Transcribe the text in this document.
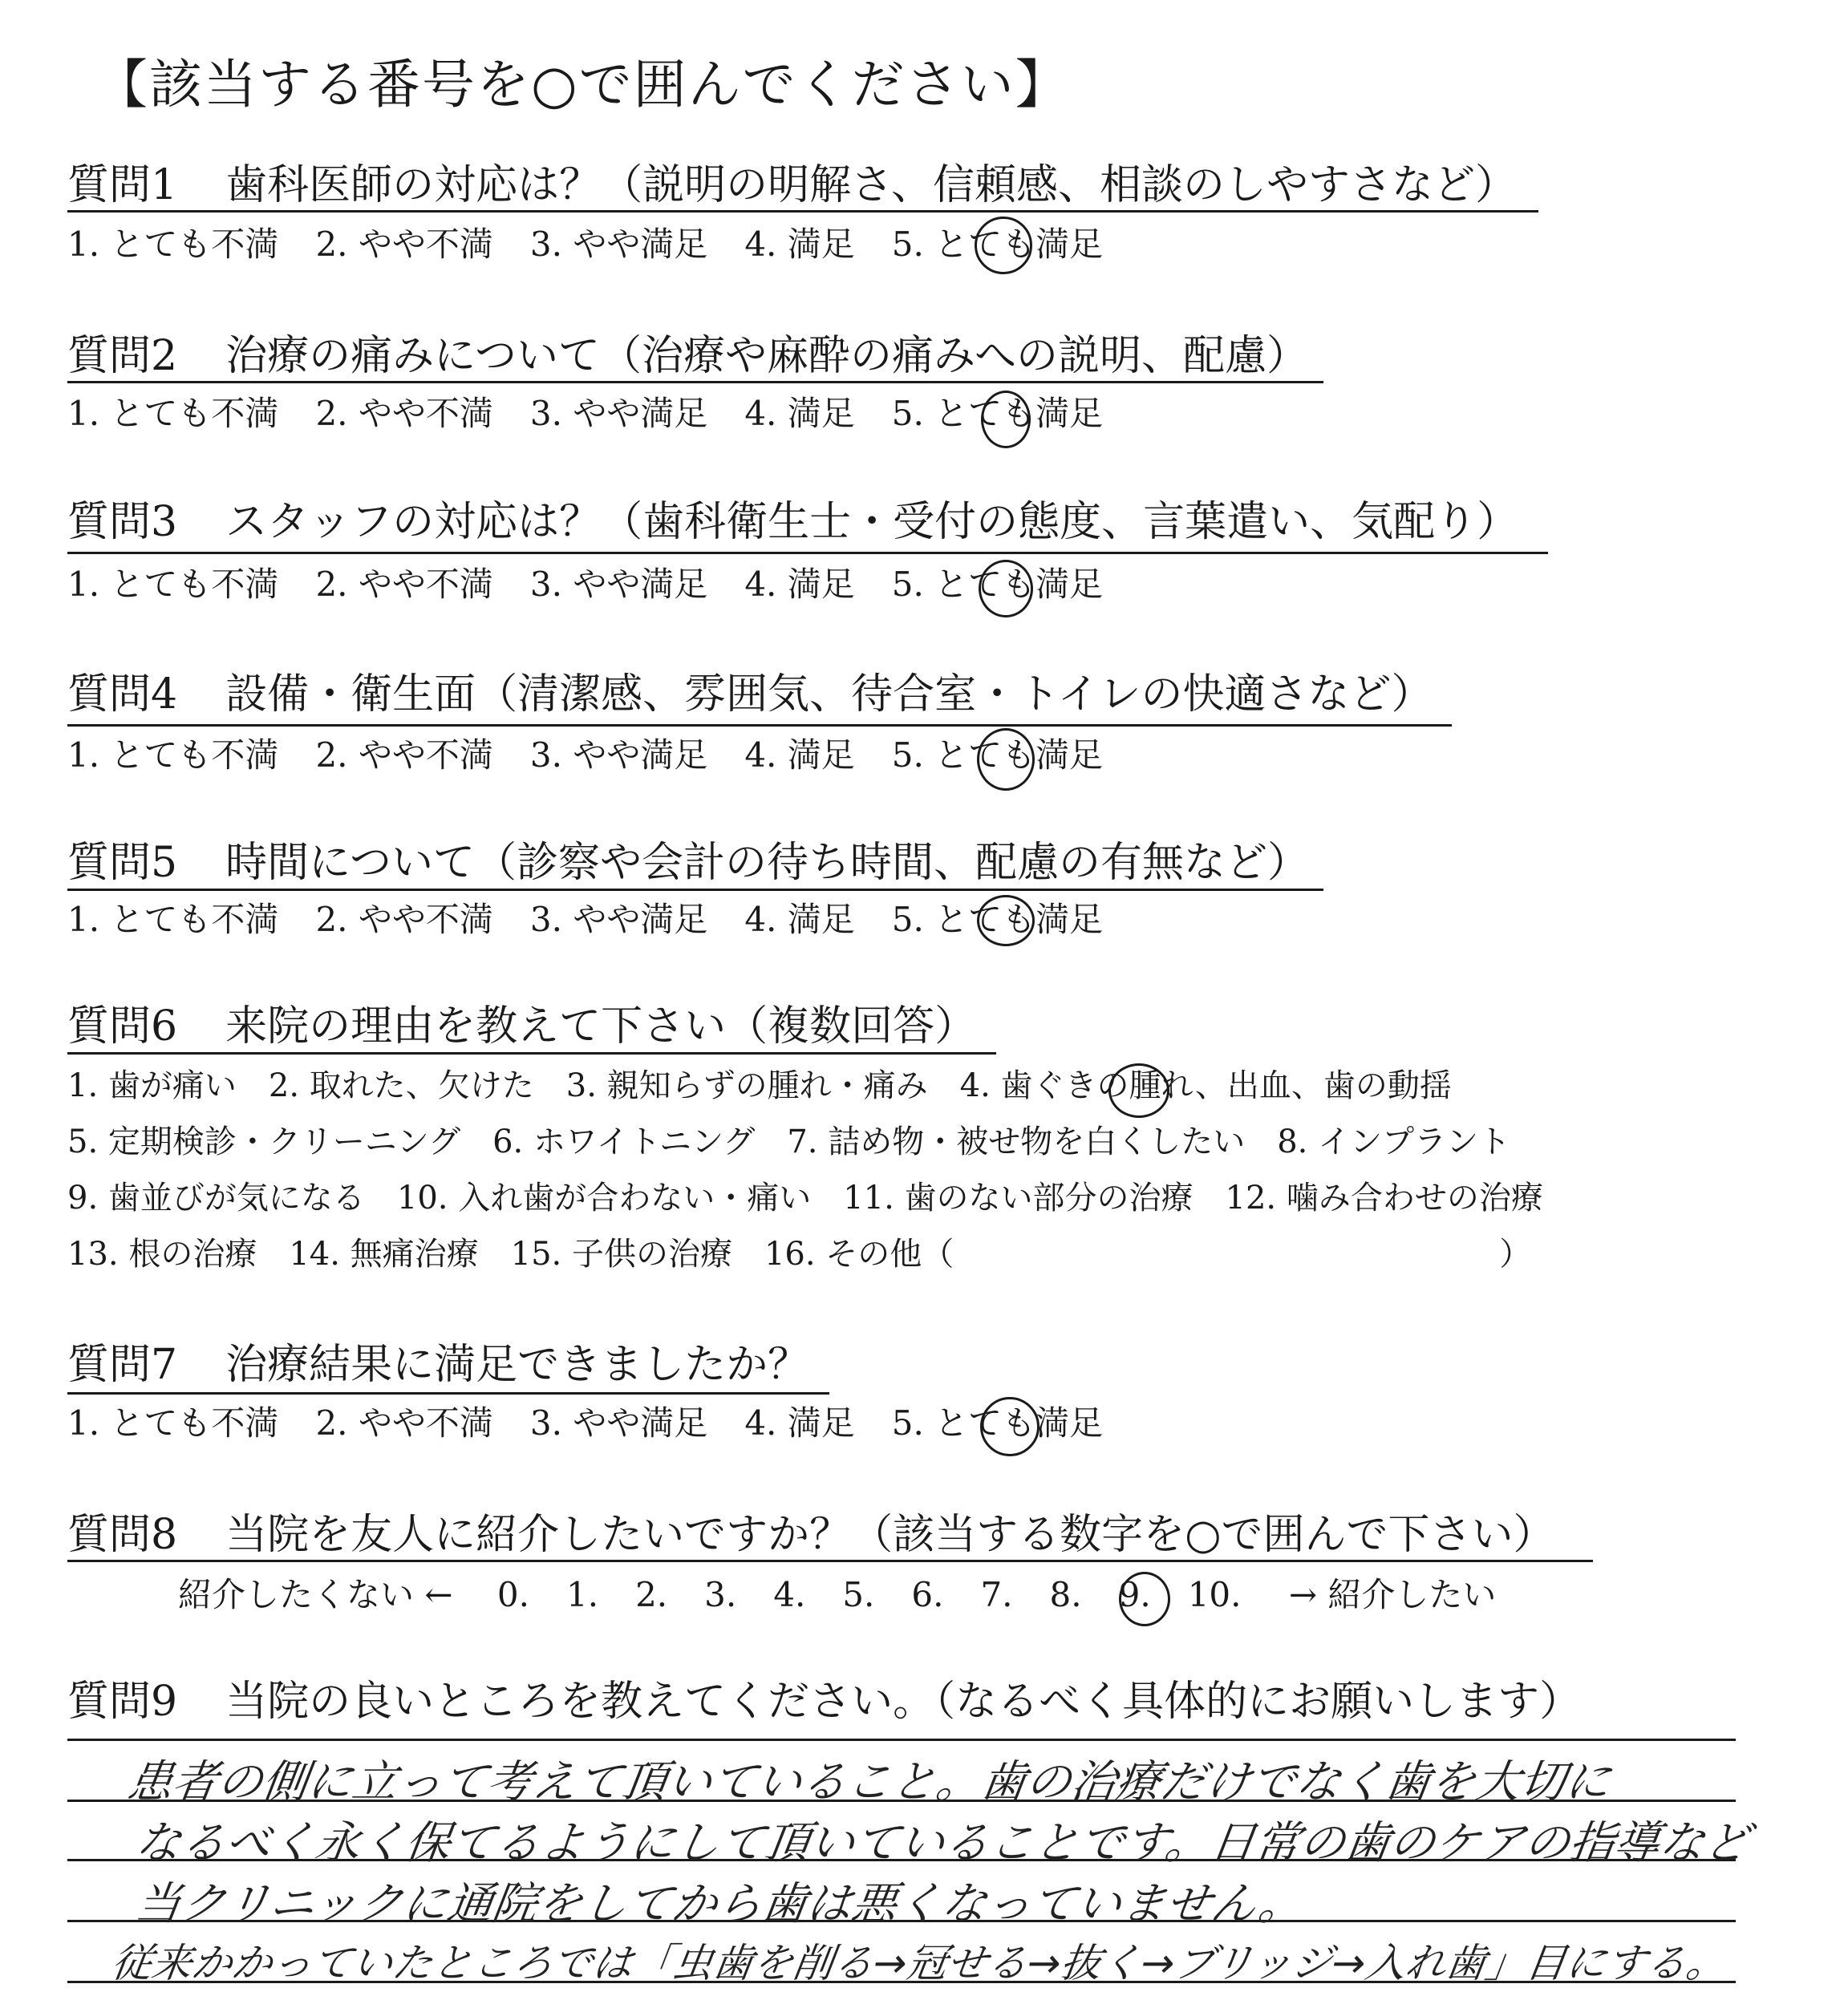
【該当する番号を○で囲んでください】
質問1 歯科医師の対応は？（説明の明解さ、信頼感、相談のしやすさなど）
1. とても不満 2. やや不満 3. やや満足 4. 満足 5. とても満足
質問2 治療の痛みについて（治療や麻酔の痛みへの説明、配慮）
1. とても不満 2. やや不満 3. やや満足 4. 満足 5. とても満足
質問3 スタッフの対応は？（歯科衛生士・受付の態度、言葉遣い、気配り）
1. とても不満 2. やや不満 3. やや満足 4. 満足 5. とても満足
質問4 設備・衛生面（清潔感、雰囲気、待合室・トイレの快適さなど）
1. とても不満 2. やや不満 3. やや満足 4. 満足 5. とても満足
質問5 時間について（診察や会計の待ち時間、配慮の有無など）
1. とても不満 2. やや不満 3. やや満足 4. 満足 5. とても満足
質問6 来院の理由を教えて下さい（複数回答）
1. 歯が痛い　2. 取れた、欠けた　3. 親知らずの腫れ・痛み　4. 歯ぐきの腫れ、出血、歯の動揺
5. 定期検診・クリーニング　6. ホワイトニング　7. 詰め物・被せ物を白くしたい　8. インプラント
9. 歯並びが気になる　10. 入れ歯が合わない・痛い　11. 歯のない部分の治療　12. 噛み合わせの治療
13. 根の治療　14. 無痛治療　15. 子供の治療　16. その他（　　　　　　　　　　　　　　　　　）
質問7 治療結果に満足できましたか？
1. とても不満 2. やや不満 3. やや満足 4. 満足 5. とても満足
質問8 当院を友人に紹介したいですか？（該当する数字を○で囲んで下さい）
紹介したくない ← 0. 1. 2. 3. 4. 5. 6. 7. 8. 9. 10. → 紹介したい
質問9 当院の良いところを教えてください。（なるべく具体的にお願いします）
患者の側に立って考えて頂いていること。歯の治療だけでなく歯を大切に
なるべく永く保てるようにして頂いていることです。日常の歯のケアの指導など
当クリニックに通院をしてから歯は悪くなっていません。
従来かかっていたところでは「虫歯を削る→冠せる→抜く→ブリッジ→入れ歯」目にする。
